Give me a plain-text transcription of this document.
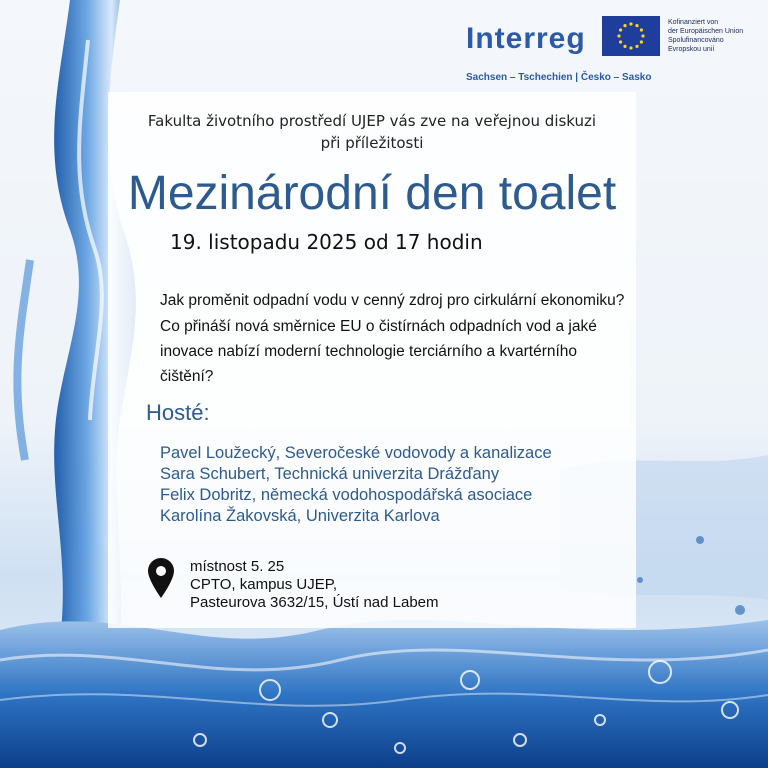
Interreg	Kofinanziert von
der Europäischen Union
Spolufinancováno
Evropskou unií
Sachsen – Tschechien | Česko – Sasko
Fakulta životního prostředí UJEP vás zve na veřejnou diskuzi
při příležitosti
Mezinárodní den toalet
19. listopadu 2025 od 17 hodin
Jak proměnit odpadní vodu v cenný zdroj pro cirkulární ekonomiku?
Co přináší nová směrnice EU o čistírnách odpadních vod a jaké
inovace nabízí moderní technologie terciárního a kvartérního
čištění?
Hosté:
Pavel Loužecký, Severočeské vodovody a kanalizace
Sara Schubert, Technická univerzita Drážďany
Felix Dobritz, německá vodohospodářská asociace
Karolína Žakovská, Univerzita Karlova
místnost 5. 25
CPTO, kampus UJEP,
Pasteurova 3632/15, Ústí nad Labem
